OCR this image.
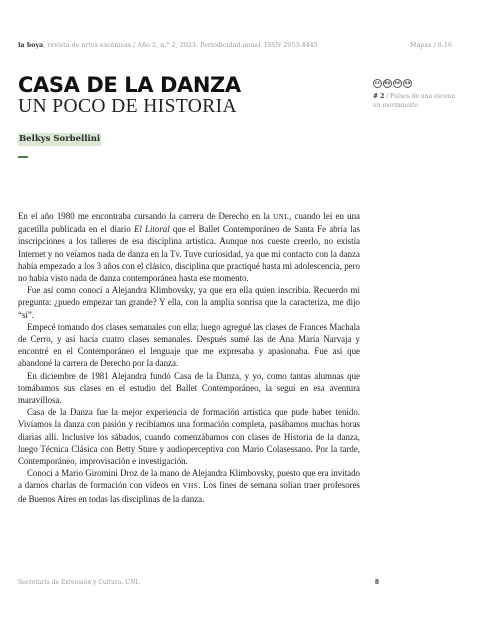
la boya, revista de artes escénicas / Año 2, n.° 2, 2023. Periodicidad anual. ISSN 2953-4445	Mapas / 8-16
CASA DE LA DANZA
UN POCO DE HISTORIA
Belkys Sorbellini
cc by nc sa
# 2 / Pulsos de una escena en movimiento

En el año 1980 me encontraba cursando la carrera de Derecho en la UNL, cuando leí en una gacetilla publicada en el diario El Litoral que el Ballet Contemporáneo de Santa Fe abría las inscripciones a los talleres de esa disciplina artística. Aunque nos cueste creerlo, no existía Internet y no veíamos nada de danza en la Tv. Tuve curiosidad, ya que mi contacto con la danza había empezado a los 3 años con el clásico, disciplina que practiqué hasta mi adolescencia, pero no había visto nada de danza contemporánea hasta ese momento.

Fue así como conocí a Alejandra Klimbovsky, ya que era ella quien inscribía. Recuerdo mi pregunta: ¿puedo empezar tan grande? Y ella, con la amplia sonrisa que la caracteriza, me dijo “sí”.

Empecé tomando dos clases semanales con ella; luego agregué las clases de Frances Machala de Cerro, y así hacía cuatro clases semanales. Después sumé las de Ana María Narvaja y encontré en el Contemporáneo el lenguaje que me expresaba y apasionaba. Fue así que abandoné la carrera de Derecho por la danza.

En diciembre de 1981 Alejandra fundó Casa de la Danza, y yo, como tantas alumnas que tomábamos sus clases en el estudio del Ballet Contemporáneo, la seguí en esa aventura maravillosa.

Casa de la Danza fue la mejor experiencia de formación artística que pude haber tenido. Vivíamos la danza con pasión y recibíamos una formación completa, pasábamos muchas horas diarias allí. Inclusive los sábados, cuando comenzábamos con clases de Historia de la danza, luego Técnica Clásica con Betty Sture y audioperceptiva con Mario Colasessano. Por la tarde, Contemporáneo, improvisación e investigación.

Conocí a Mario Giromini Droz de la mano de Alejandra Klimbovsky, puesto que era invitado a darnos charlas de formación con videos en VHS. Los fines de semana solían traer profesores de Buenos Aires en todas las disciplinas de la danza.

Secretaría de Extensión y Cultura. UNL	8
